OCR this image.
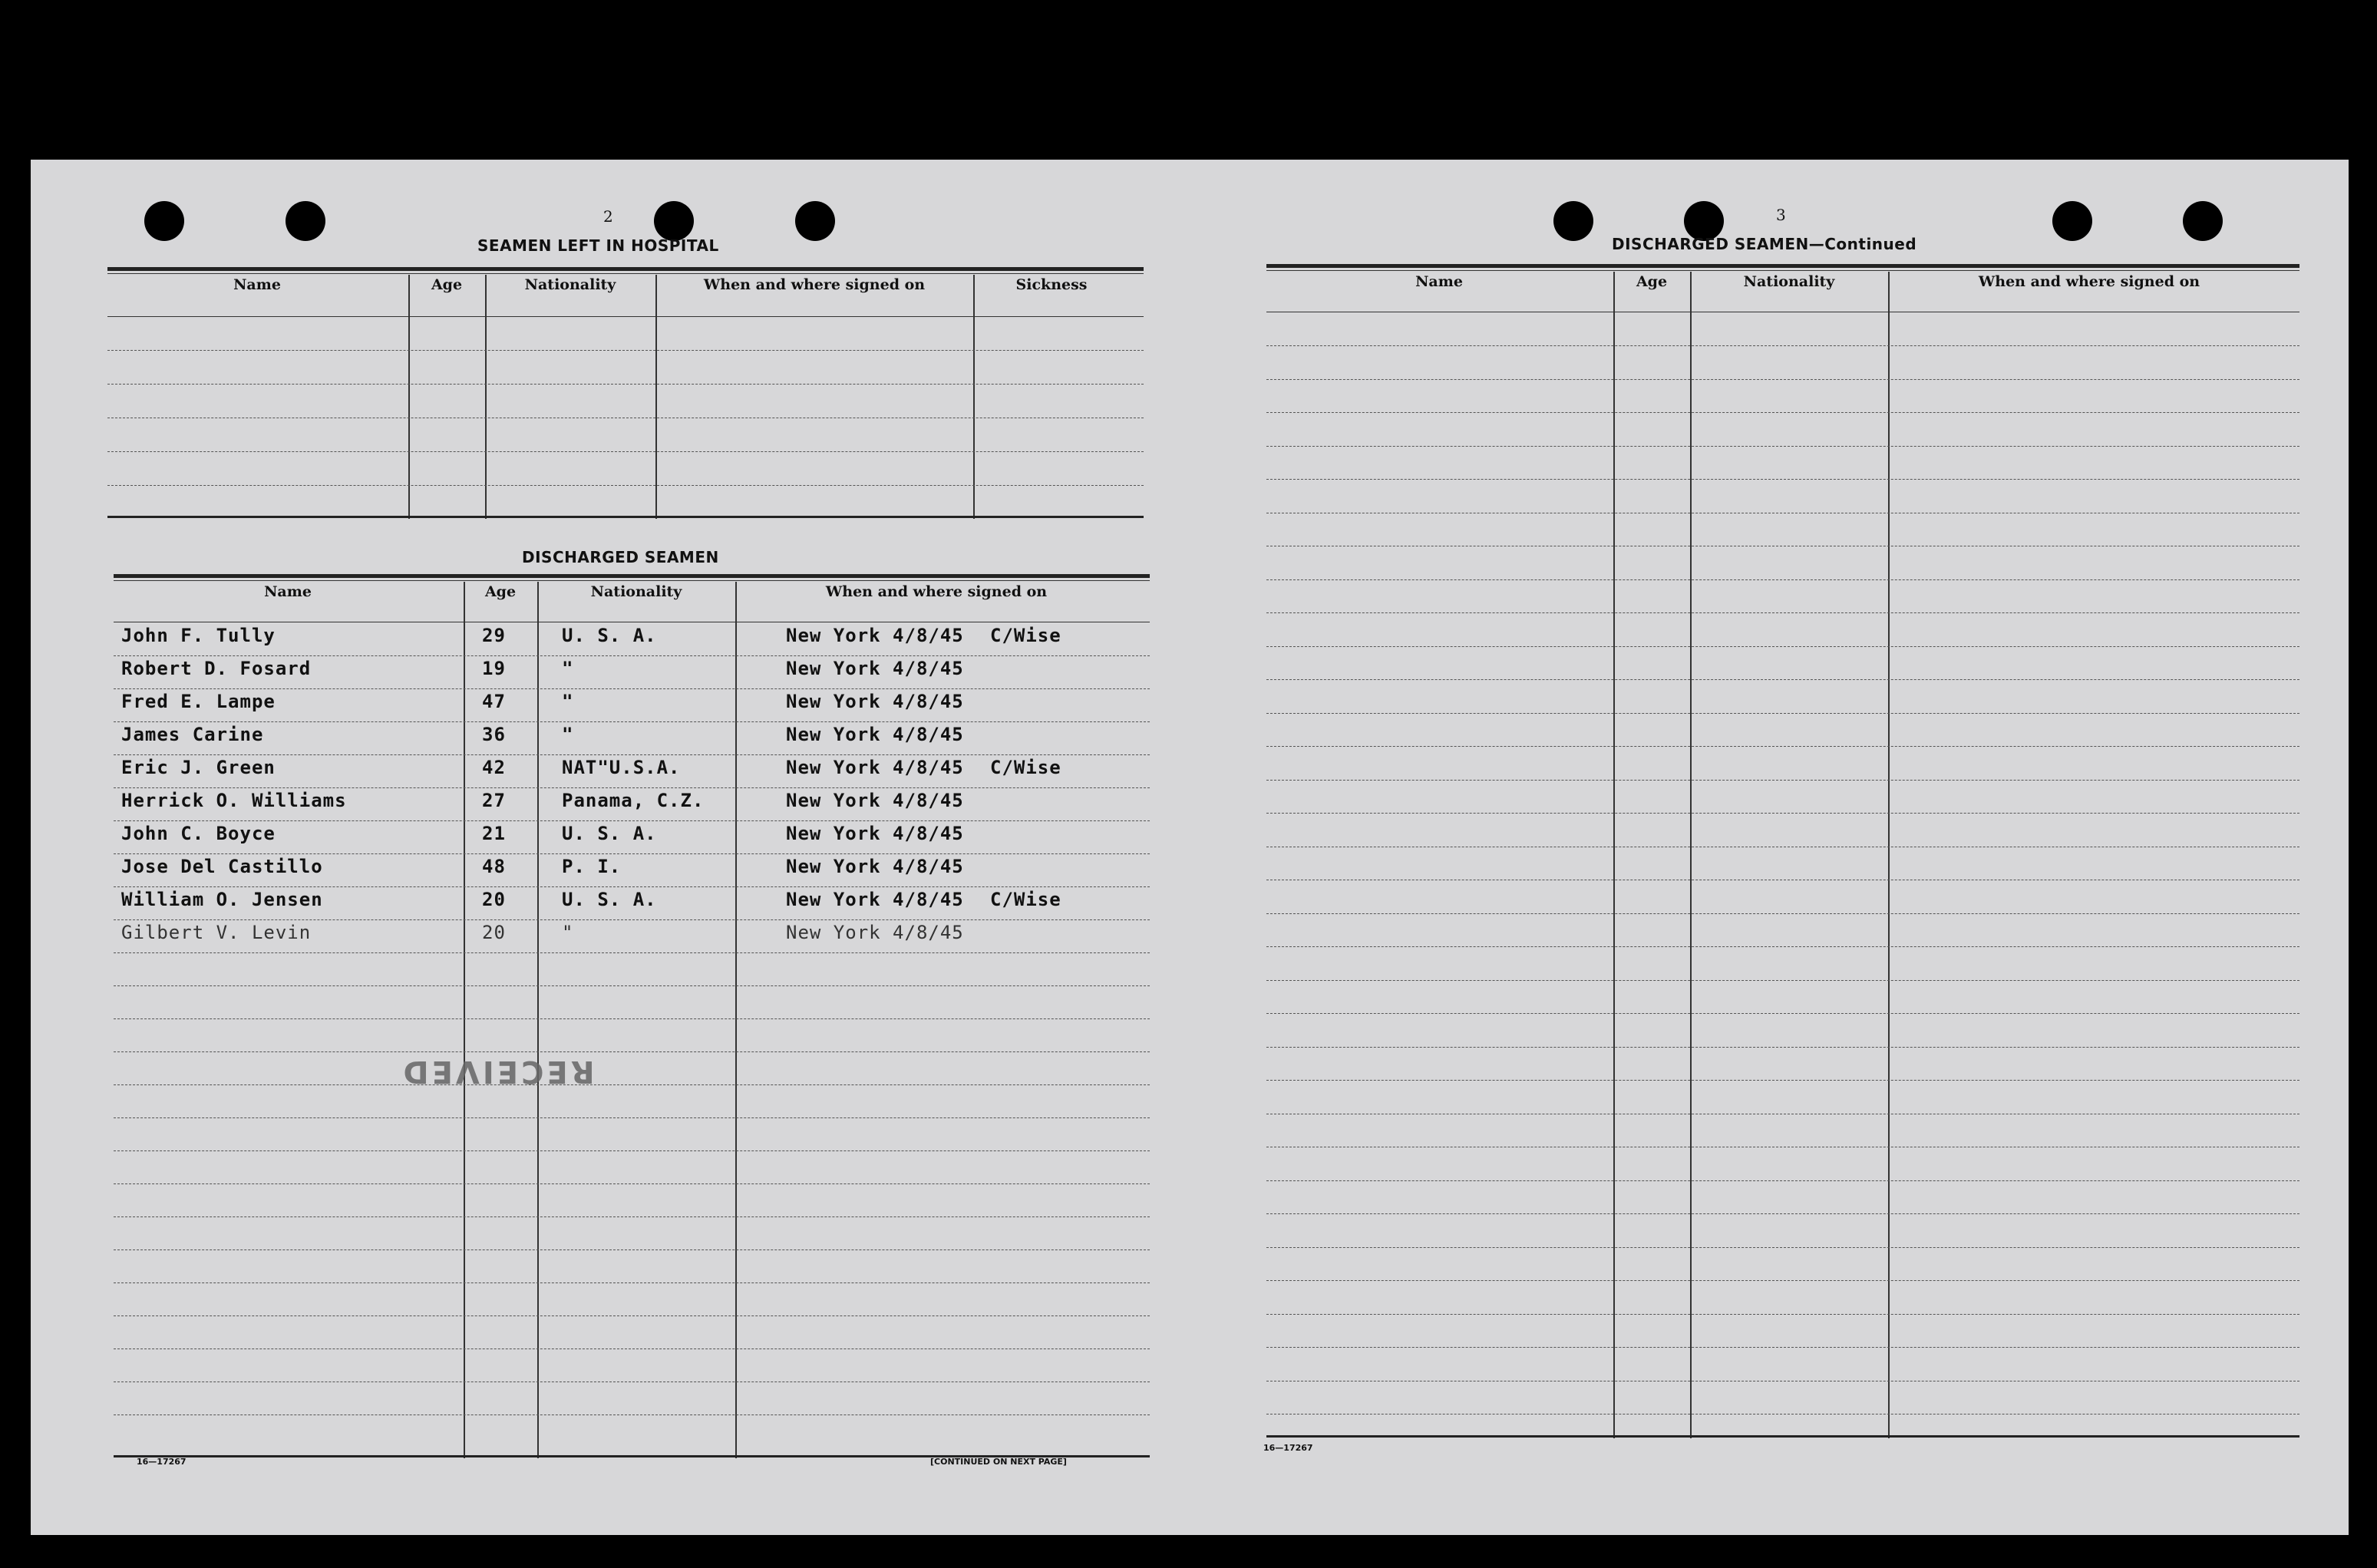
2
SEAMEN LEFT IN HOSPITAL
Name	Age	Nationality	When and where signed on	Sickness
DISCHARGED SEAMEN
Name	Age	Nationality	When and where signed on
John F. Tully	29	U. S. A.	New York 4/8/45 C/Wise
Robert D. Fosard	19	"	New York 4/8/45
Fred E. Lampe	47	"	New York 4/8/45
James Carine	36	"	New York 4/8/45
Eric J. Green	42	NAT"U.S.A.	New York 4/8/45 C/Wise
Herrick O. Williams	27	Panama, C.Z.	New York 4/8/45
John C. Boyce	21	U. S. A.	New York 4/8/45
Jose Del Castillo	48	P. I.	New York 4/8/45
William O. Jensen	20	U. S. A.	New York 4/8/45 C/Wise
Gilbert V. Levin	20	"	New York 4/8/45
RECEIVED
16—17267	[CONTINUED ON NEXT PAGE]
3
DISCHARGED SEAMEN—Continued
Name	Age	Nationality	When and where signed on
16—17267
